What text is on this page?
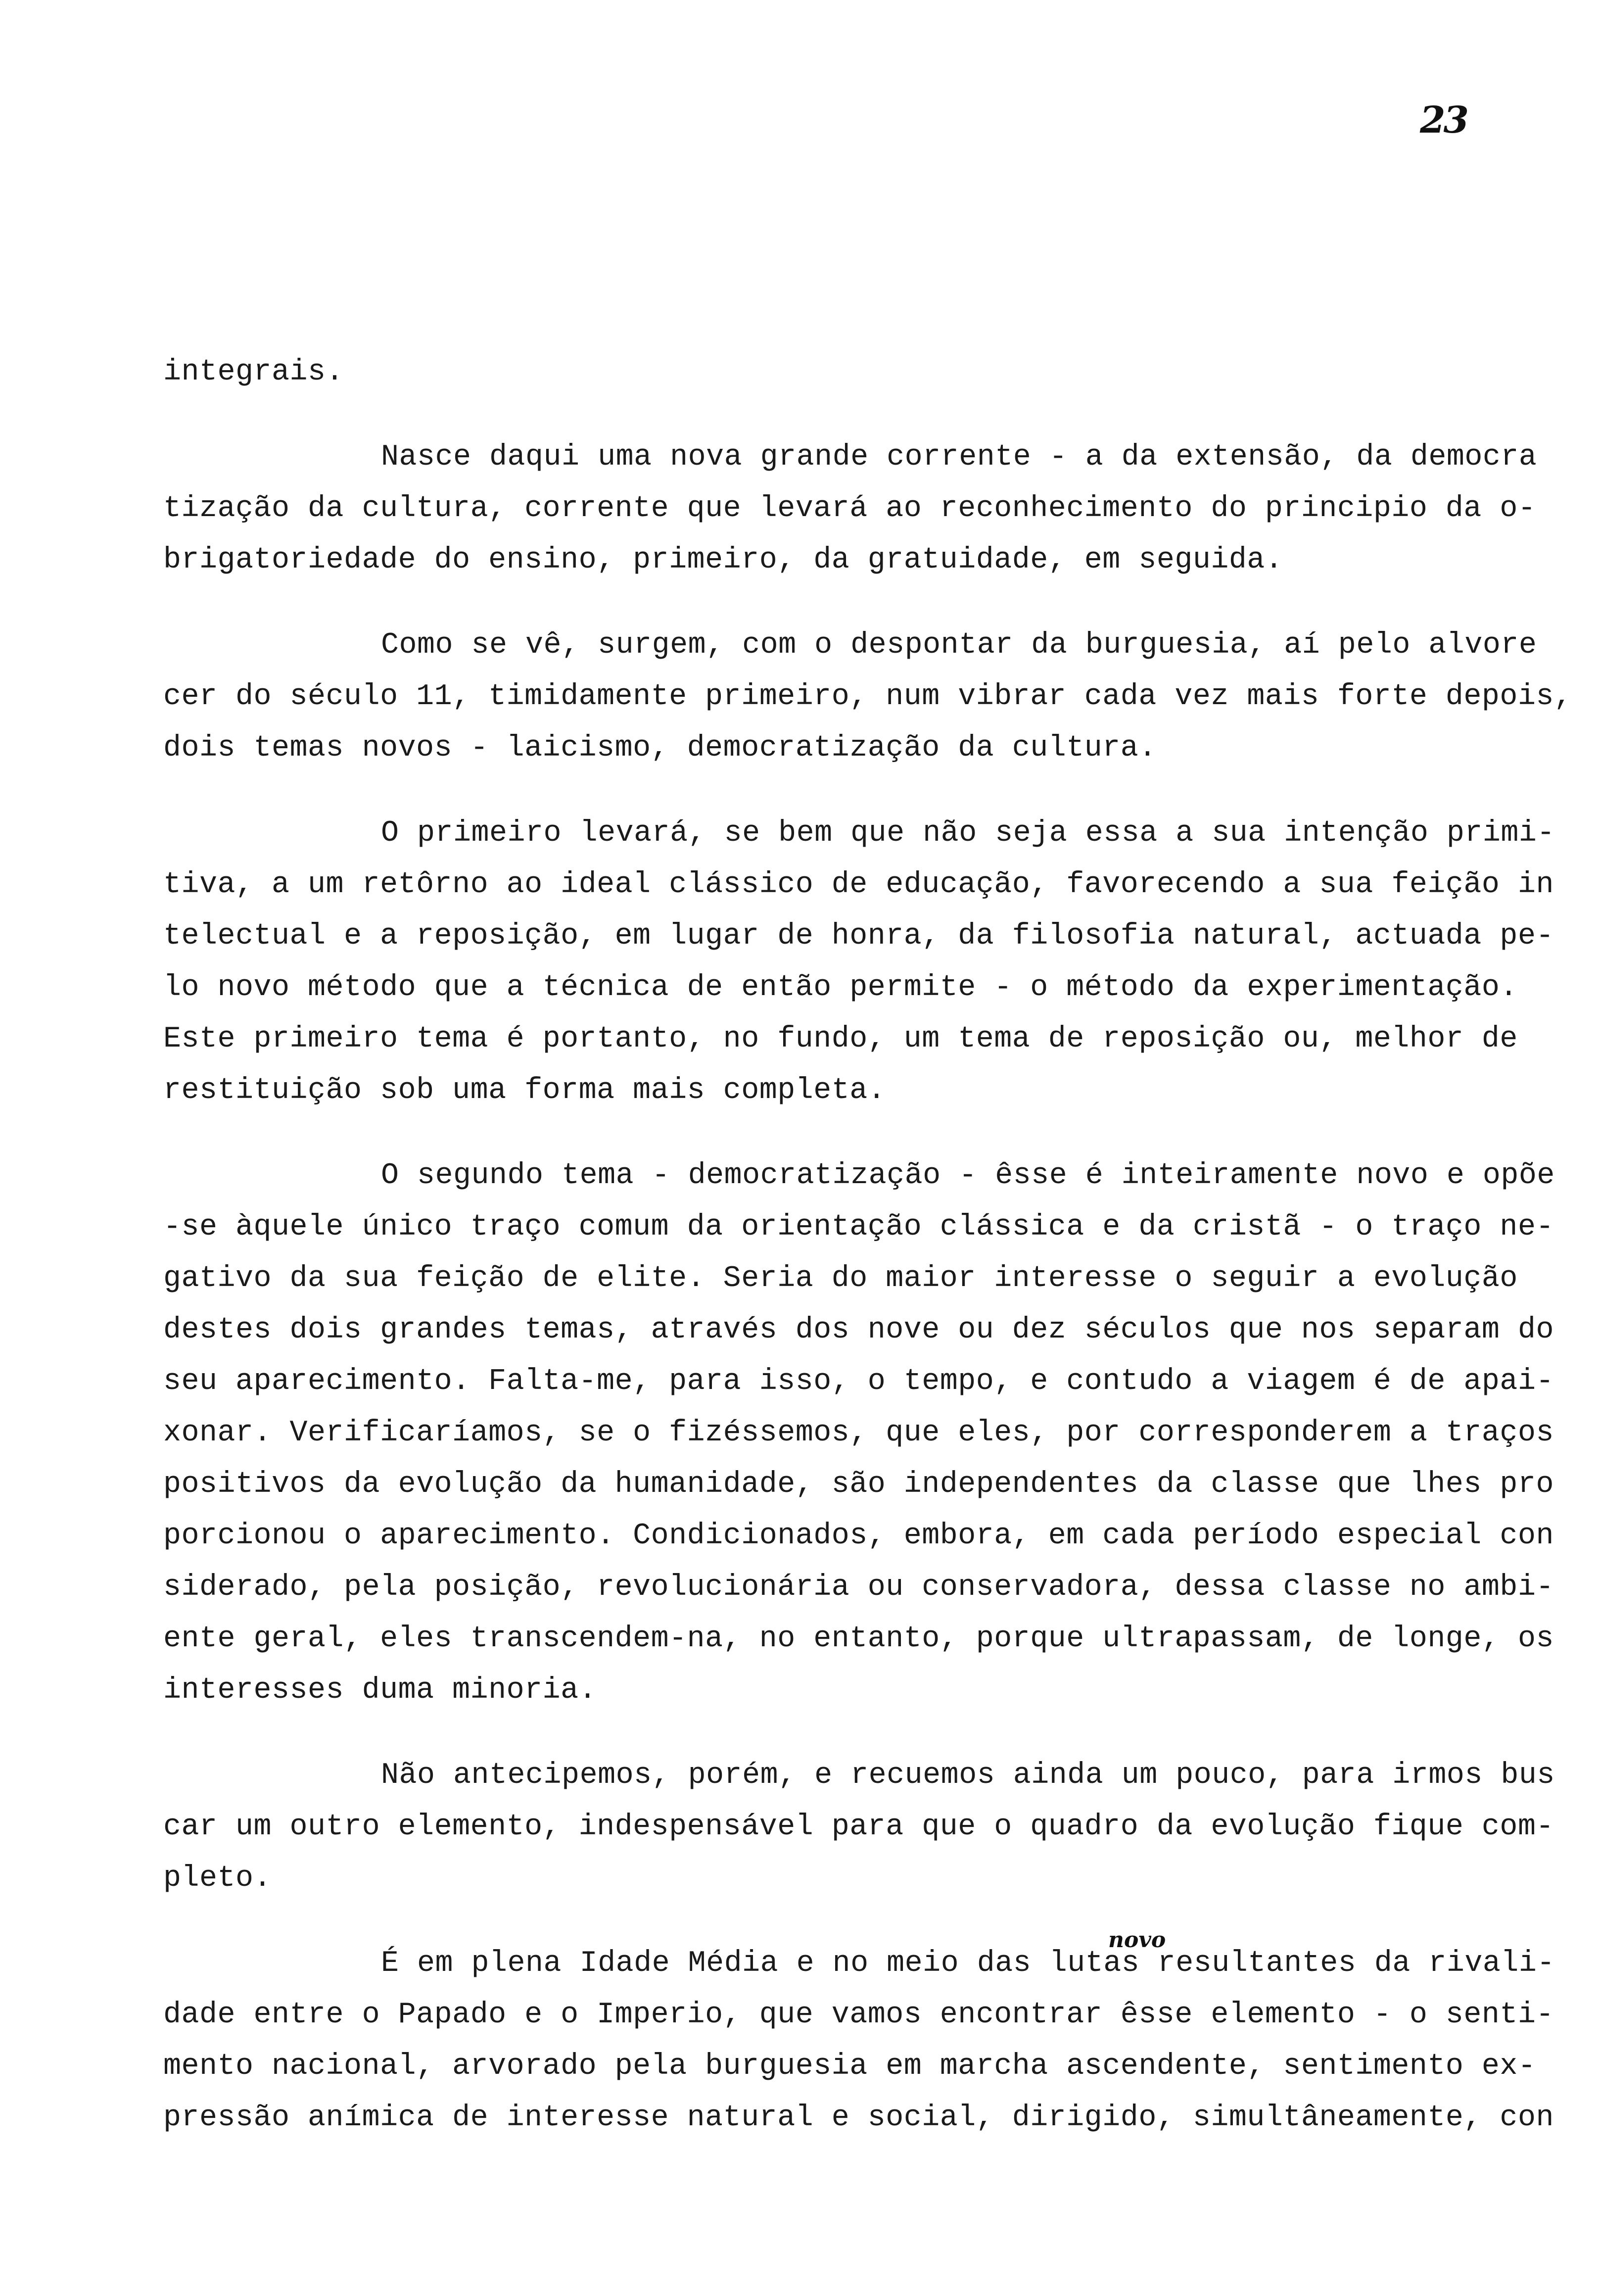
23
integrais.
Nasce daqui uma nova grande corrente - a da extensão, da democra
tização da cultura, corrente que levará ao reconhecimento do principio da o-
brigatoriedade do ensino, primeiro, da gratuidade, em seguida.
Como se vê, surgem, com o despontar da burguesia, aí pelo alvore
cer do século 11, timidamente primeiro, num vibrar cada vez mais forte depois,
dois temas novos - laicismo, democratização da cultura.
O primeiro levará, se bem que não seja essa a sua intenção primi-
tiva, a um retôrno ao ideal clássico de educação, favorecendo a sua feição in
telectual e a reposição, em lugar de honra, da filosofia natural, actuada pe-
lo novo método que a técnica de então permite - o método da experimentação.
Este primeiro tema é portanto, no fundo, um tema de reposição ou, melhor de
restituição sob uma forma mais completa.
O segundo tema - democratização - êsse é inteiramente novo e opõe
-se àquele único traço comum da orientação clássica e da cristã - o traço ne-
gativo da sua feição de elite. Seria do maior interesse o seguir a evolução
destes dois grandes temas, através dos nove ou dez séculos que nos separam do
seu aparecimento. Falta-me, para isso, o tempo, e contudo a viagem é de apai-
xonar. Verificaríamos, se o fizéssemos, que eles, por corresponderem a traços
positivos da evolução da humanidade, são independentes da classe que lhes pro
porcionou o aparecimento. Condicionados, embora, em cada período especial con
siderado, pela posição, revolucionária ou conservadora, dessa classe no ambi-
ente geral, eles transcendem-na, no entanto, porque ultrapassam, de longe, os
interesses duma minoria.
Não antecipemos, porém, e recuemos ainda um pouco, para irmos bus
car um outro elemento, indespensável para que o quadro da evolução fique com-
pleto.
É em plena Idade Média e no meio das lutas resultantes da rivali-
dade entre o Papado e o Imperio, que vamos encontrar êsse elemento - o senti-
mento nacional, arvorado pela burguesia em marcha ascendente, sentimento ex-
pressão anímica de interesse natural e social, dirigido, simultâneamente, con
novo
